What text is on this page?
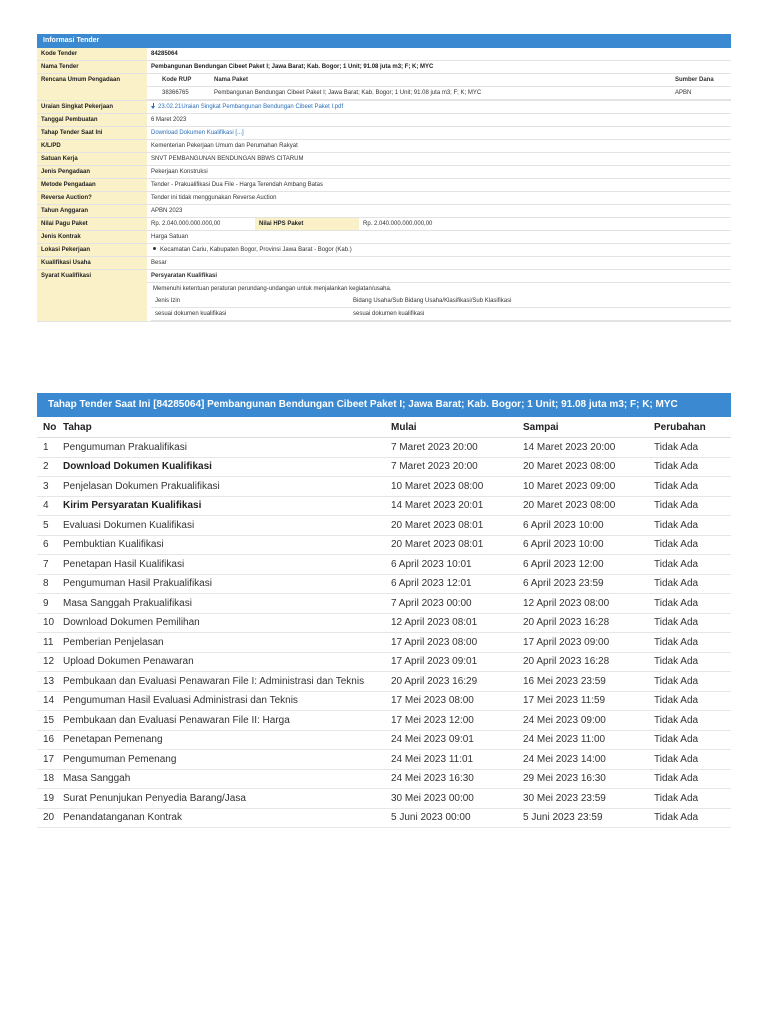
Informasi Tender
Kode Tender	84285064
Nama Tender	Pembangunan Bendungan Cibeet Paket I; Jawa Barat; Kab. Bogor; 1 Unit; 91.08 juta m3; F; K; MYC
Rencana Umum Pengadaan		Kode RUP	Nama Paket	Sumber Dana
38366765	Pembangunan Bendungan Cibeet Paket I; Jawa Barat; Kab. Bogor; 1 Unit; 91.08 juta m3; F; K; MYC	APBN

Uraian Singkat Pekerjaan	23.02.21Uraian Singkat Pembangunan Bendungan Cibeet Paket I.pdf
Tanggal Pembuatan	6 Maret 2023
Tahap Tender Saat Ini	Download Dokumen Kualifikasi [...]
K/L/PD	Kementerian Pekerjaan Umum dan Perumahan Rakyat
Satuan Kerja	SNVT PEMBANGUNAN BENDUNGAN BBWS CITARUM
Jenis Pengadaan	Pekerjaan Konstruksi
Metode Pengadaan	Tender - Prakualifikasi Dua File - Harga Terendah Ambang Batas
Reverse Auction?	Tender ini tidak menggunakan Reverse Auction
Tahun Anggaran	APBN 2023
Nilai Pagu Paket	Rp. 2.040.000.000.000,00	Nilai HPS Paket	Rp. 2.040.000.000.000,00
Jenis Kontrak	Harga Satuan
Lokasi Pekerjaan	Kecamatan Cariu, Kabupaten Bogor, Provinsi Jawa Barat - Bogor (Kab.)
Kualifikasi Usaha	Besar
Syarat Kualifikasi	Persyaratan Kualifikasi
Memenuhi ketentuan peraturan perundang-undangan untuk menjalankan kegiatan/usaha.
Jenis Izin	Bidang Usaha/Sub Bidang Usaha/Klasifikasi/Sub Klasifikasi
sesuai dokumen kualifikasi	sesuai dokumen kualifikasi
Tahap Tender Saat Ini [84285064] Pembangunan Bendungan Cibeet Paket I; Jawa Barat; Kab. Bogor; 1 Unit; 91.08 juta m3; F; K; MYC
No	Tahap	Mulai	Sampai	Perubahan
1	Pengumuman Prakualifikasi	7 Maret 2023 20:00	14 Maret 2023 20:00	Tidak Ada
2	Download Dokumen Kualifikasi	7 Maret 2023 20:00	20 Maret 2023 08:00	Tidak Ada
3	Penjelasan Dokumen Prakualifikasi	10 Maret 2023 08:00	10 Maret 2023 09:00	Tidak Ada
4	Kirim Persyaratan Kualifikasi	14 Maret 2023 20:01	20 Maret 2023 08:00	Tidak Ada
5	Evaluasi Dokumen Kualifikasi	20 Maret 2023 08:01	6 April 2023 10:00	Tidak Ada
6	Pembuktian Kualifikasi	20 Maret 2023 08:01	6 April 2023 10:00	Tidak Ada
7	Penetapan Hasil Kualifikasi	6 April 2023 10:01	6 April 2023 12:00	Tidak Ada
8	Pengumuman Hasil Prakualifikasi	6 April 2023 12:01	6 April 2023 23:59	Tidak Ada
9	Masa Sanggah Prakualifikasi	7 April 2023 00:00	12 April 2023 08:00	Tidak Ada
10	Download Dokumen Pemilihan	12 April 2023 08:01	20 April 2023 16:28	Tidak Ada
11	Pemberian Penjelasan	17 April 2023 08:00	17 April 2023 09:00	Tidak Ada
12	Upload Dokumen Penawaran	17 April 2023 09:01	20 April 2023 16:28	Tidak Ada
13	Pembukaan dan Evaluasi Penawaran File I: Administrasi dan Teknis	20 April 2023 16:29	16 Mei 2023 23:59	Tidak Ada
14	Pengumuman Hasil Evaluasi Administrasi dan Teknis	17 Mei 2023 08:00	17 Mei 2023 11:59	Tidak Ada
15	Pembukaan dan Evaluasi Penawaran File II: Harga	17 Mei 2023 12:00	24 Mei 2023 09:00	Tidak Ada
16	Penetapan Pemenang	24 Mei 2023 09:01	24 Mei 2023 11:00	Tidak Ada
17	Pengumuman Pemenang	24 Mei 2023 11:01	24 Mei 2023 14:00	Tidak Ada
18	Masa Sanggah	24 Mei 2023 16:30	29 Mei 2023 16:30	Tidak Ada
19	Surat Penunjukan Penyedia Barang/Jasa	30 Mei 2023 00:00	30 Mei 2023 23:59	Tidak Ada
20	Penandatanganan Kontrak	5 Juni 2023 00:00	5 Juni 2023 23:59	Tidak Ada
